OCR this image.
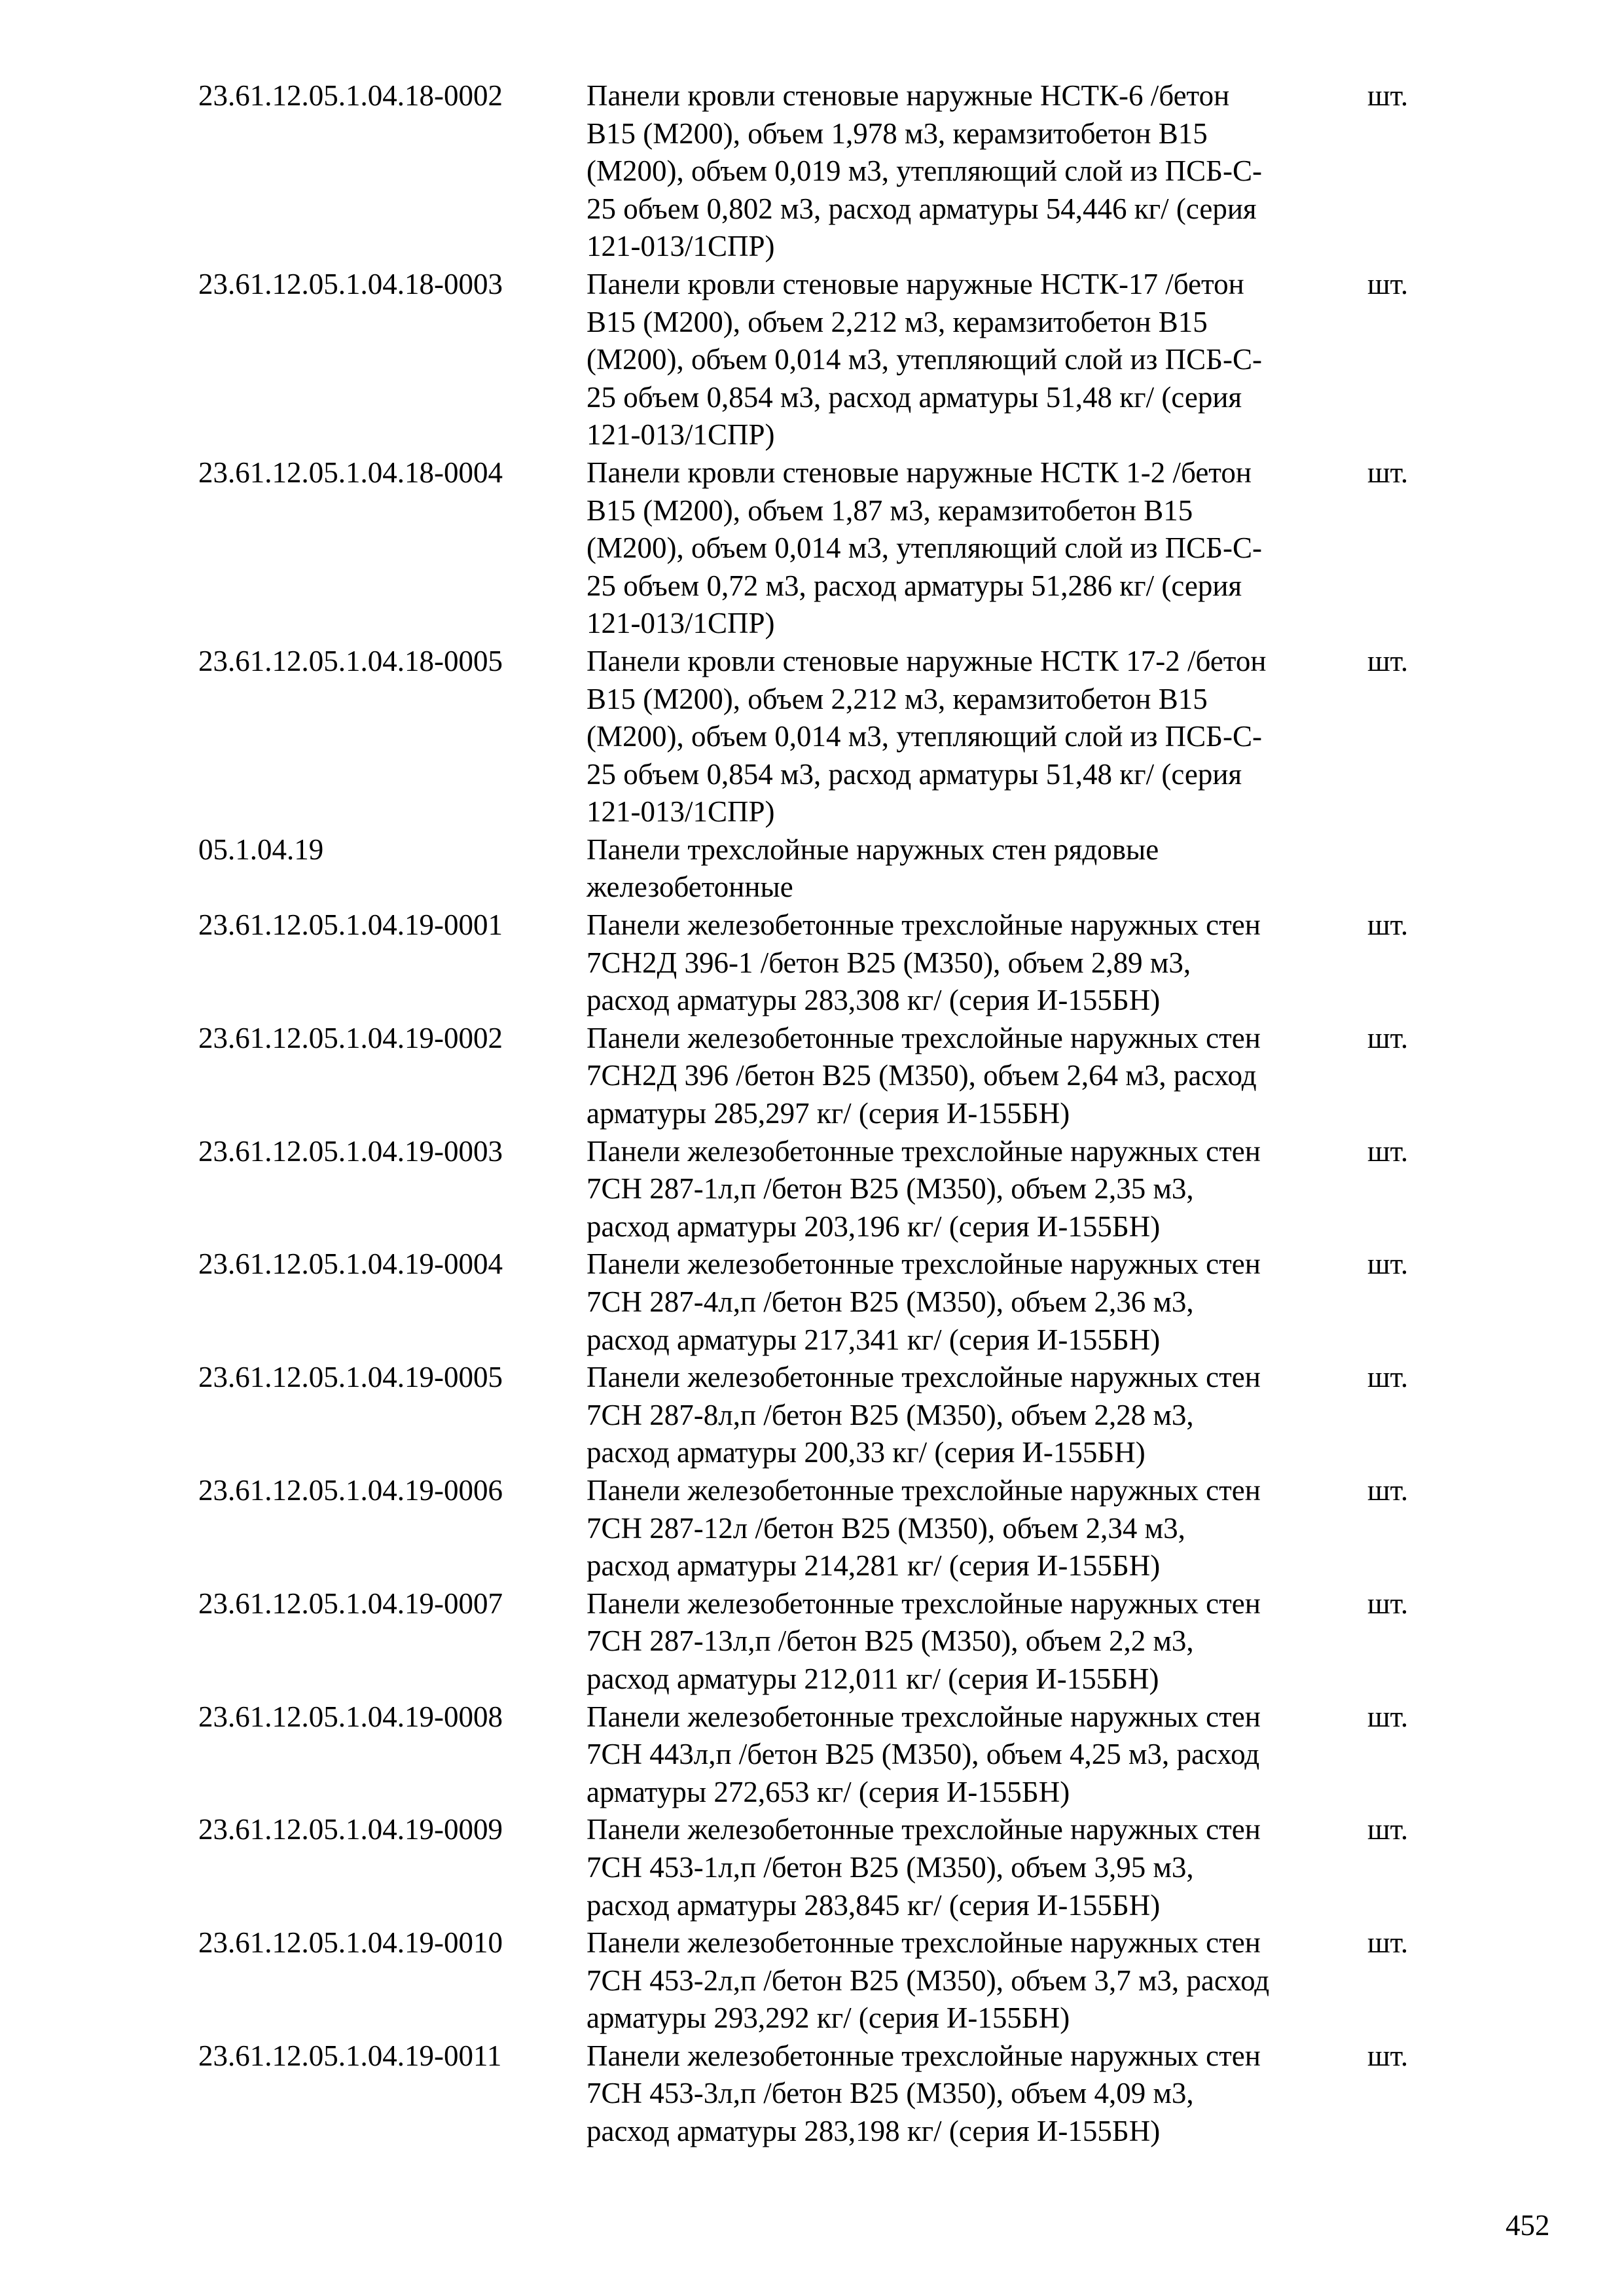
23.61.12.05.1.04.18-0002	Панели кровли стеновые наружные НСТК-6 /бетон
В15 (М200), объем 1,978 м3, керамзитобетон В15
(М200), объем 0,019 м3, утепляющий слой из ПСБ-С-
25 объем 0,802 м3, расход арматуры 54,446 кг/ (серия
121-013/1СПР)
шт.
23.61.12.05.1.04.18-0003	Панели кровли стеновые наружные НСТК-17 /бетон
В15 (М200), объем 2,212 м3, керамзитобетон В15
(М200), объем 0,014 м3, утепляющий слой из ПСБ-С-
25 объем 0,854 м3, расход арматуры 51,48 кг/ (серия
121-013/1СПР)
шт.
23.61.12.05.1.04.18-0004	Панели кровли стеновые наружные НСТК 1-2 /бетон
В15 (М200), объем 1,87 м3, керамзитобетон В15
(М200), объем 0,014 м3, утепляющий слой из ПСБ-С-
25 объем 0,72 м3, расход арматуры 51,286 кг/ (серия
121-013/1СПР)
шт.
23.61.12.05.1.04.18-0005	Панели кровли стеновые наружные НСТК 17-2 /бетон
В15 (М200), объем 2,212 м3, керамзитобетон В15
(М200), объем 0,014 м3, утепляющий слой из ПСБ-С-
25 объем 0,854 м3, расход арматуры 51,48 кг/ (серия
121-013/1СПР)
шт.
05.1.04.19	Панели трехслойные наружных стен рядовые
железобетонные
23.61.12.05.1.04.19-0001	Панели железобетонные трехслойные наружных стен
7СН2Д 396-1 /бетон В25 (М350), объем 2,89 м3,
расход арматуры 283,308 кг/ (серия И-155БН)
шт.
23.61.12.05.1.04.19-0002	Панели железобетонные трехслойные наружных стен
7СН2Д 396 /бетон В25 (М350), объем 2,64 м3, расход
арматуры 285,297 кг/ (серия И-155БН)
шт.
23.61.12.05.1.04.19-0003	Панели железобетонные трехслойные наружных стен
7СН 287-1л,п /бетон В25 (М350), объем 2,35 м3,
расход арматуры 203,196 кг/ (серия И-155БН)
шт.
23.61.12.05.1.04.19-0004	Панели железобетонные трехслойные наружных стен
7СН 287-4л,п /бетон В25 (М350), объем 2,36 м3,
расход арматуры 217,341 кг/ (серия И-155БН)
шт.
23.61.12.05.1.04.19-0005	Панели железобетонные трехслойные наружных стен
7СН 287-8л,п /бетон В25 (М350), объем 2,28 м3,
расход арматуры 200,33 кг/ (серия И-155БН)
шт.
23.61.12.05.1.04.19-0006	Панели железобетонные трехслойные наружных стен
7СН 287-12л /бетон В25 (М350), объем 2,34 м3,
расход арматуры 214,281 кг/ (серия И-155БН)
шт.
23.61.12.05.1.04.19-0007	Панели железобетонные трехслойные наружных стен
7СН 287-13л,п /бетон В25 (М350), объем 2,2 м3,
расход арматуры 212,011 кг/ (серия И-155БН)
шт.
23.61.12.05.1.04.19-0008	Панели железобетонные трехслойные наружных стен
7СН 443л,п /бетон В25 (М350), объем 4,25 м3, расход
арматуры 272,653 кг/ (серия И-155БН)
шт.
23.61.12.05.1.04.19-0009	Панели железобетонные трехслойные наружных стен
7СН 453-1л,п /бетон В25 (М350), объем 3,95 м3,
расход арматуры 283,845 кг/ (серия И-155БН)
шт.
23.61.12.05.1.04.19-0010	Панели железобетонные трехслойные наружных стен
7СН 453-2л,п /бетон В25 (М350), объем 3,7 м3, расход
арматуры 293,292 кг/ (серия И-155БН)
шт.
23.61.12.05.1.04.19-0011	Панели железобетонные трехслойные наружных стен
7СН 453-3л,п /бетон В25 (М350), объем 4,09 м3,
расход арматуры 283,198 кг/ (серия И-155БН)
шт.
452
